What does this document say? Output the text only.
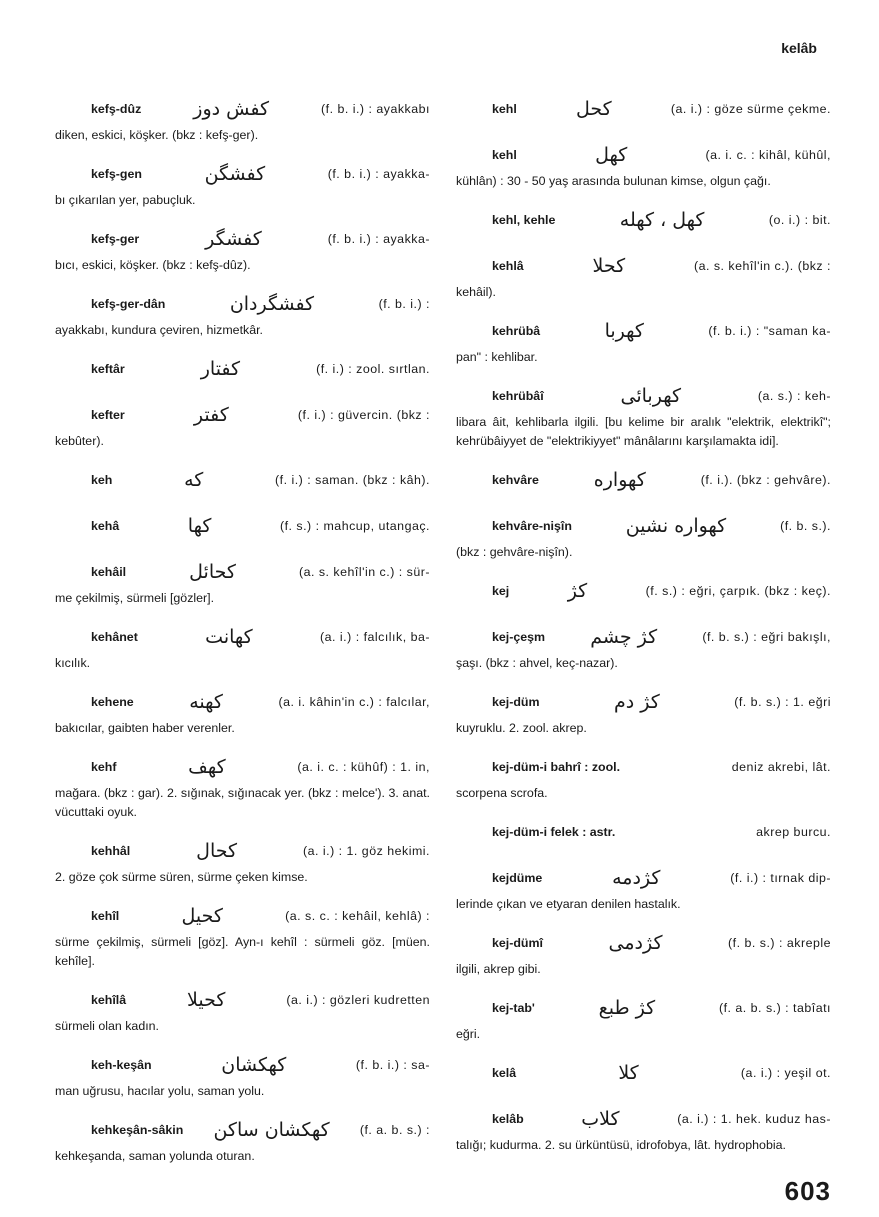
kelâb
kefş-dûz	کفش دوز	(f. b. i.) : ayakkabı
diken, eskici, köşker. (bkz : kefş-ger).
kefş-gen	کفشگن	(f. b. i.) : ayakka-
bı çıkarılan yer, pabuçluk.
kefş-ger	کفشگر	(f. b. i.) : ayakka-
bıcı, eskici, köşker. (bkz : kefş-dûz).
kefş-ger-dân	کفشگردان	(f. b. i.) :
ayakkabı, kundura çeviren, hizmetkâr.
keftâr	کفتار	(f. i.) : zool. sırtlan.
kefter	کفتر	(f. i.) : güvercin. (bkz :
kebûter).
keh	که	(f. i.) : saman. (bkz : kâh).
kehâ	کها	(f. s.) : mahcup, utangaç.
kehâil	كحائل	(a. s. kehîl'in c.) : sür-
me çekilmiş, sürmeli [gözler].
kehânet	کهانت	(a. i.) : falcılık, ba-
kıcılık.
kehene	کهنه	(a. i. kâhin'in c.) : falcılar,
bakıcılar, gaibten haber verenler.
kehf	کهف	(a. i. c. : kühûf) : 1. in,
mağara. (bkz : gar). 2. sığınak, sığınacak yer. (bkz : melce'). 3. anat. vücuttaki oyuk.
kehhâl	كحال	(a. i.) : 1. göz hekimi.
2. göze çok sürme süren, sürme çeken kimse.
kehîl	كحيل	(a. s. c. : kehâil, kehlâ) :
sürme çekilmiş, sürmeli [göz]. Ayn-ı kehîl : sürmeli göz. [müen. kehîle].
kehîlâ	كحيلا	(a. i.) : gözleri kudretten
sürmeli olan kadın.
keh-keşân	کهکشان	(f. b. i.) : sa-
man uğrusu, hacılar yolu, saman yolu.
kehkeşân-sâkin کهکشان ساکن (f. a. b. s.) :
kehkeşanda, saman yolunda oturan.
kehl	كحل	(a. i.) : göze sürme çekme.
kehl	کهل	(a. i. c. : kihâl, kühûl,
kühlân) : 30 - 50 yaş arasında bulunan kimse, olgun çağı.
kehl, kehle	کهل ، کهله	(o. i.) : bit.
kehlâ	كحلا	(a. s. kehîl'in c.). (bkz :
kehâil).
kehrübâ	کهربا	(f. b. i.) : "saman ka-
pan" : kehlibar.
kehrübâî	کهربائی	(a. s.) : keh-
libara âit, kehlibarla ilgili. [bu kelime bir aralık "elektrik, elektrikî"; kehrübâiyyet de "elektrikiyyet" mânâlarını karşılamakta idi].
kehvâre	کهواره	(f. i.). (bkz : gehvâre).
kehvâre-nişîn	کهواره نشین	(f. b. s.).
(bkz : gehvâre-nişîn).
kej	کژ	(f. s.) : eğri, çarpık. (bkz : keç).
kej-çeşm کژ چشم	(f. b. s.) : eğri bakışlı,
şaşı. (bkz : ahvel, keç-nazar).
kej-düm	کژ دم	(f. b. s.) : 1. eğri
kuyruklu. 2. zool. akrep.
kej-düm-i bahrî : zool.	deniz akrebi, lât.
scorpena scrofa.
kej-düm-i felek : astr.	akrep burcu.
kejdüme	کژدمه	(f. i.) : tırnak dip-
lerinde çıkan ve etyaran denilen hastalık.
kej-dümî	کژدمی	(f. b. s.) : akreple
ilgili, akrep gibi.
kej-tab'	کژ طبع	(f. a. b. s.) : tabîatı
eğri.
kelâ	كلا	(a. i.) : yeşil ot.
kelâb	كلاب	(a. i.) : 1. hek. kuduz has-
talığı; kudurma. 2. su ürküntüsü, idrofobya, lât. hydrophobia.
603
